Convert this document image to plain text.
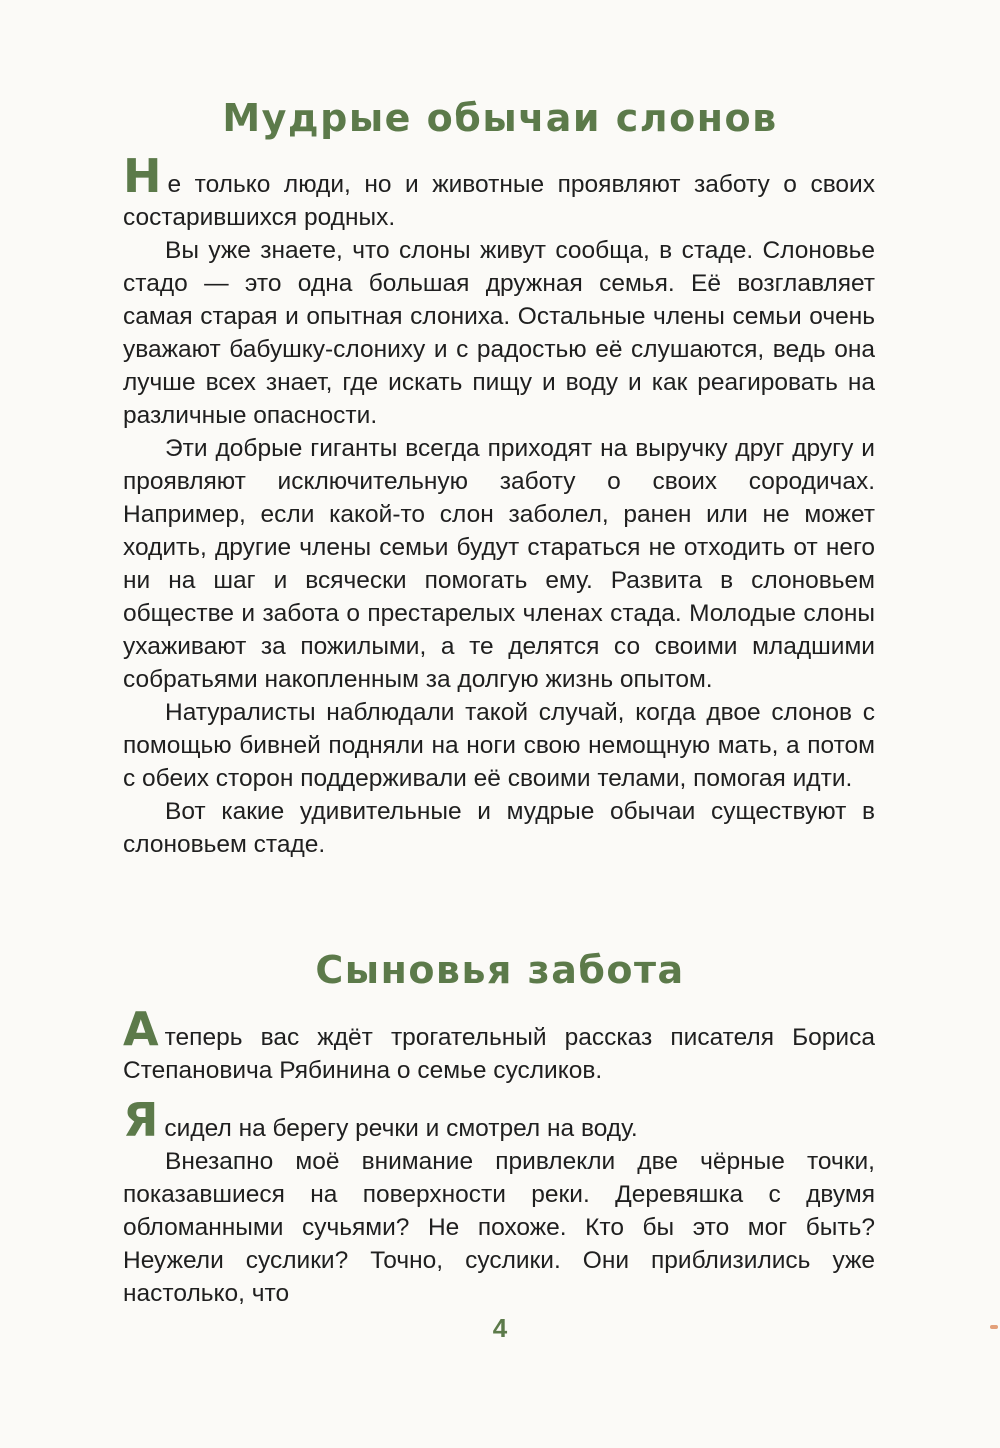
Мудрые обычаи слонов

Не только люди, но и животные проявляют заботу о своих состарившихся родных.

Вы уже знаете, что слоны живут сообща, в стаде. Слоновье стадо — это одна большая дружная семья. Её возглавляет самая старая и опытная слониха. Остальные члены семьи очень уважают бабушку-слониху и с радостью её слушаются, ведь она лучше всех знает, где искать пищу и воду и как реагировать на различные опасности.

Эти добрые гиганты всегда приходят на выручку друг другу и проявляют исключительную заботу о своих сородичах. Например, если какой-то слон заболел, ранен или не может ходить, другие члены семьи будут стараться не отходить от него ни на шаг и всячески помогать ему. Развита в слоновьем обществе и забота о престарелых членах стада. Молодые слоны ухаживают за пожилыми, а те делятся со своими младшими собратьями накопленным за долгую жизнь опытом.

Натуралисты наблюдали такой случай, когда двое слонов с помощью бивней подняли на ноги свою немощную мать, а потом с обеих сторон поддерживали её своими телами, помогая идти.

Вот какие удивительные и мудрые обычаи существуют в слоновьем стаде.

Сыновья забота

Атеперь вас ждёт трогательный рассказ писателя Бориса Степановича Рябинина о семье сусликов.

Ясидел на берегу речки и смотрел на воду.

Внезапно моё внимание привлекли две чёрные точки, показавшиеся на поверхности реки. Деревяшка с двумя обломанными сучьями? Не похоже. Кто бы это мог быть? Неужели суслики? Точно, суслики. Они приблизились уже настолько, что

4
